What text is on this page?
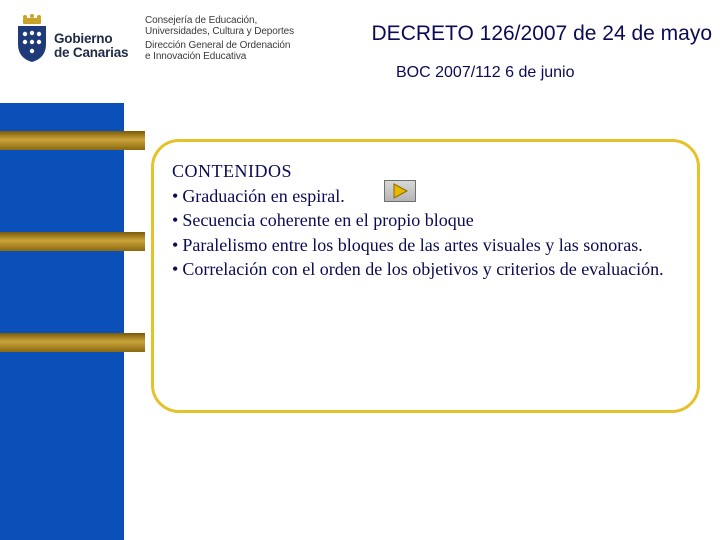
Gobierno
de Canarias
Consejería de Educación,
Universidades, Cultura y Deportes
Dirección General de Ordenación
e Innovación Educativa
DECRETO 126/2007 de 24 de mayo
BOC 2007/112 6 de junio
CONTENIDOS
• Graduación en espiral.
• Secuencia coherente en el propio bloque
• Paralelismo entre los bloques de las artes visuales y las sonoras.
• Correlación con el orden de los objetivos y criterios de evaluación.
